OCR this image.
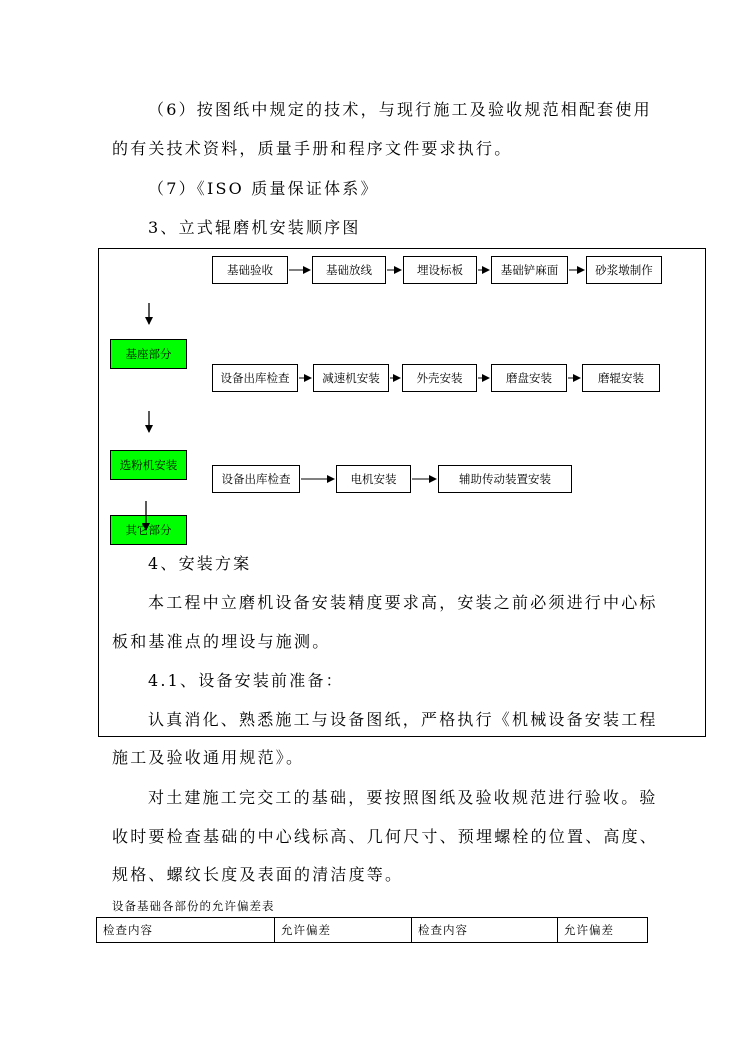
（6）按图纸中规定的技术，与现行施工及验收规范相配套使用
的有关技术资料，质量手册和程序文件要求执行。
（7）《ISO 质量保证体系》
3、立式辊磨机安装顺序图
基础验收	基础放线	埋设标板	基础铲麻面	砂浆墩制作
设备出库检查	减速机安装	外壳安装	磨盘安装	磨辊安装
设备出库检查	电机安装	辅助传动装置安装
基座部分
选粉机安装
其它部分
4、安装方案
本工程中立磨机设备安装精度要求高，安装之前必须进行中心标
板和基准点的埋设与施测。
4.1、设备安装前准备：
认真消化、熟悉施工与设备图纸，严格执行《机械设备安装工程
施工及验收通用规范》。
对土建施工完交工的基础，要按照图纸及验收规范进行验收。验
收时要检查基础的中心线标高、几何尺寸、预埋螺栓的位置、高度、
规格、螺纹长度及表面的清洁度等。
设备基础各部份的允许偏差表
检查内容	允许偏差	检查内容	允许偏差
